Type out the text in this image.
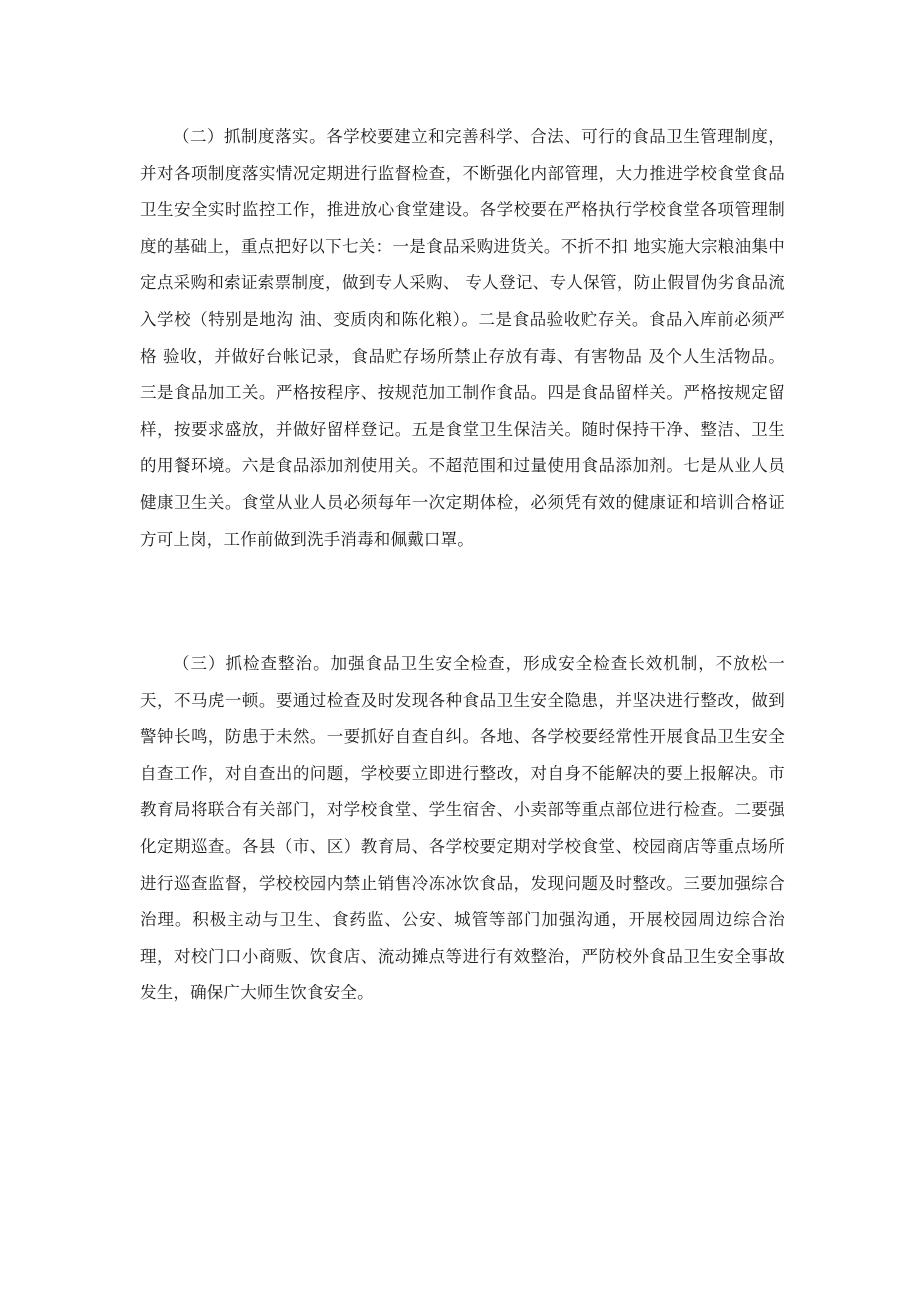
（二）抓制度落实。各学校要建立和完善科学、合法、可行的食品卫生管理制度，并对各项制度落实情况定期进行监督检查，不断强化内部管理，大力推进学校食堂食品卫生安全实时监控工作，推进放心食堂建设。各学校要在严格执行学校食堂各项管理制度的基础上，重点把好以下七关：一是食品采购进货关。不折不扣 地实施大宗粮油集中定点采购和索证索票制度，做到专人采购、 专人登记、专人保管，防止假冒伪劣食品流入学校（特别是地沟 油、变质肉和陈化粮）。二是食品验收贮存关。食品入库前必须严格 验收，并做好台帐记录，食品贮存场所禁止存放有毒、有害物品 及个人生活物品。三是食品加工关。严格按程序、按规范加工制作食品。四是食品留样关。严格按规定留样，按要求盛放，并做好留样登记。五是食堂卫生保洁关。随时保持干净、整洁、卫生的用餐环境。六是食品添加剂使用关。不超范围和过量使用食品添加剂。七是从业人员健康卫生关。食堂从业人员必须每年一次定期体检，必须凭有效的健康证和培训合格证方可上岗，工作前做到洗手消毒和佩戴口罩。

（三）抓检查整治。加强食品卫生安全检查，形成安全检查长效机制，不放松一天，不马虎一顿。要通过检查及时发现各种食品卫生安全隐患，并坚决进行整改，做到警钟长鸣，防患于未然。一要抓好自查自纠。各地、各学校要经常性开展食品卫生安全自查工作，对自查出的问题，学校要立即进行整改，对自身不能解决的要上报解决。市教育局将联合有关部门，对学校食堂、学生宿舍、小卖部等重点部位进行检查。二要强化定期巡查。各县（市、区）教育局、各学校要定期对学校食堂、校园商店等重点场所进行巡查监督，学校校园内禁止销售冷冻冰饮食品，发现问题及时整改。三要加强综合治理。积极主动与卫生、食药监、公安、城管等部门加强沟通，开展校园周边综合治理，对校门口小商贩、饮食店、流动摊点等进行有效整治，严防校外食品卫生安全事故发生，确保广大师生饮食安全。
